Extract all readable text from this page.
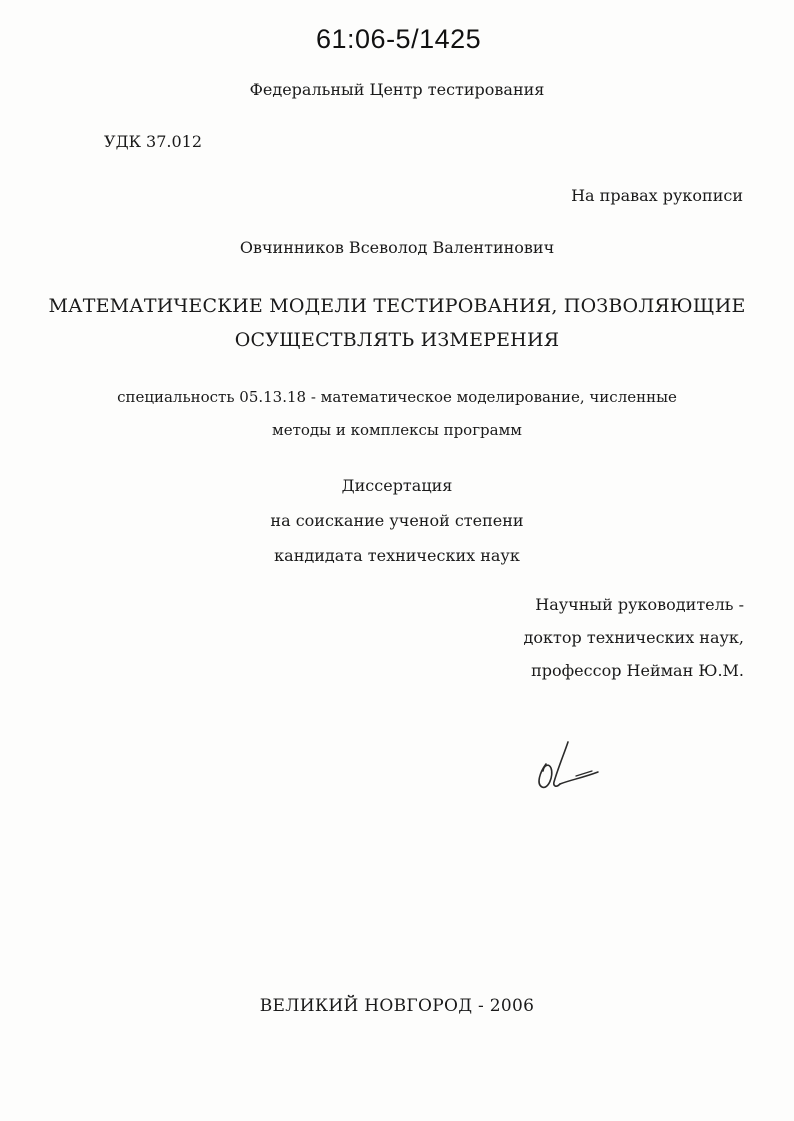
61:06-5/1425
Федеральный Центр тестирования
УДК 37.012
На правах рукописи
Овчинников Всеволод Валентинович
МАТЕМАТИЧЕСКИЕ МОДЕЛИ ТЕСТИРОВАНИЯ, ПОЗВОЛЯЮЩИЕ
ОСУЩЕСТВЛЯТЬ ИЗМЕРЕНИЯ
специальность 05.13.18 - математическое моделирование, численные
методы и комплексы программ
Диссертация
на соискание ученой степени
кандидата технических наук
Научный руководитель -
доктор технических наук,
профессор Нейман Ю.М.
ВЕЛИКИЙ НОВГОРОД - 2006
